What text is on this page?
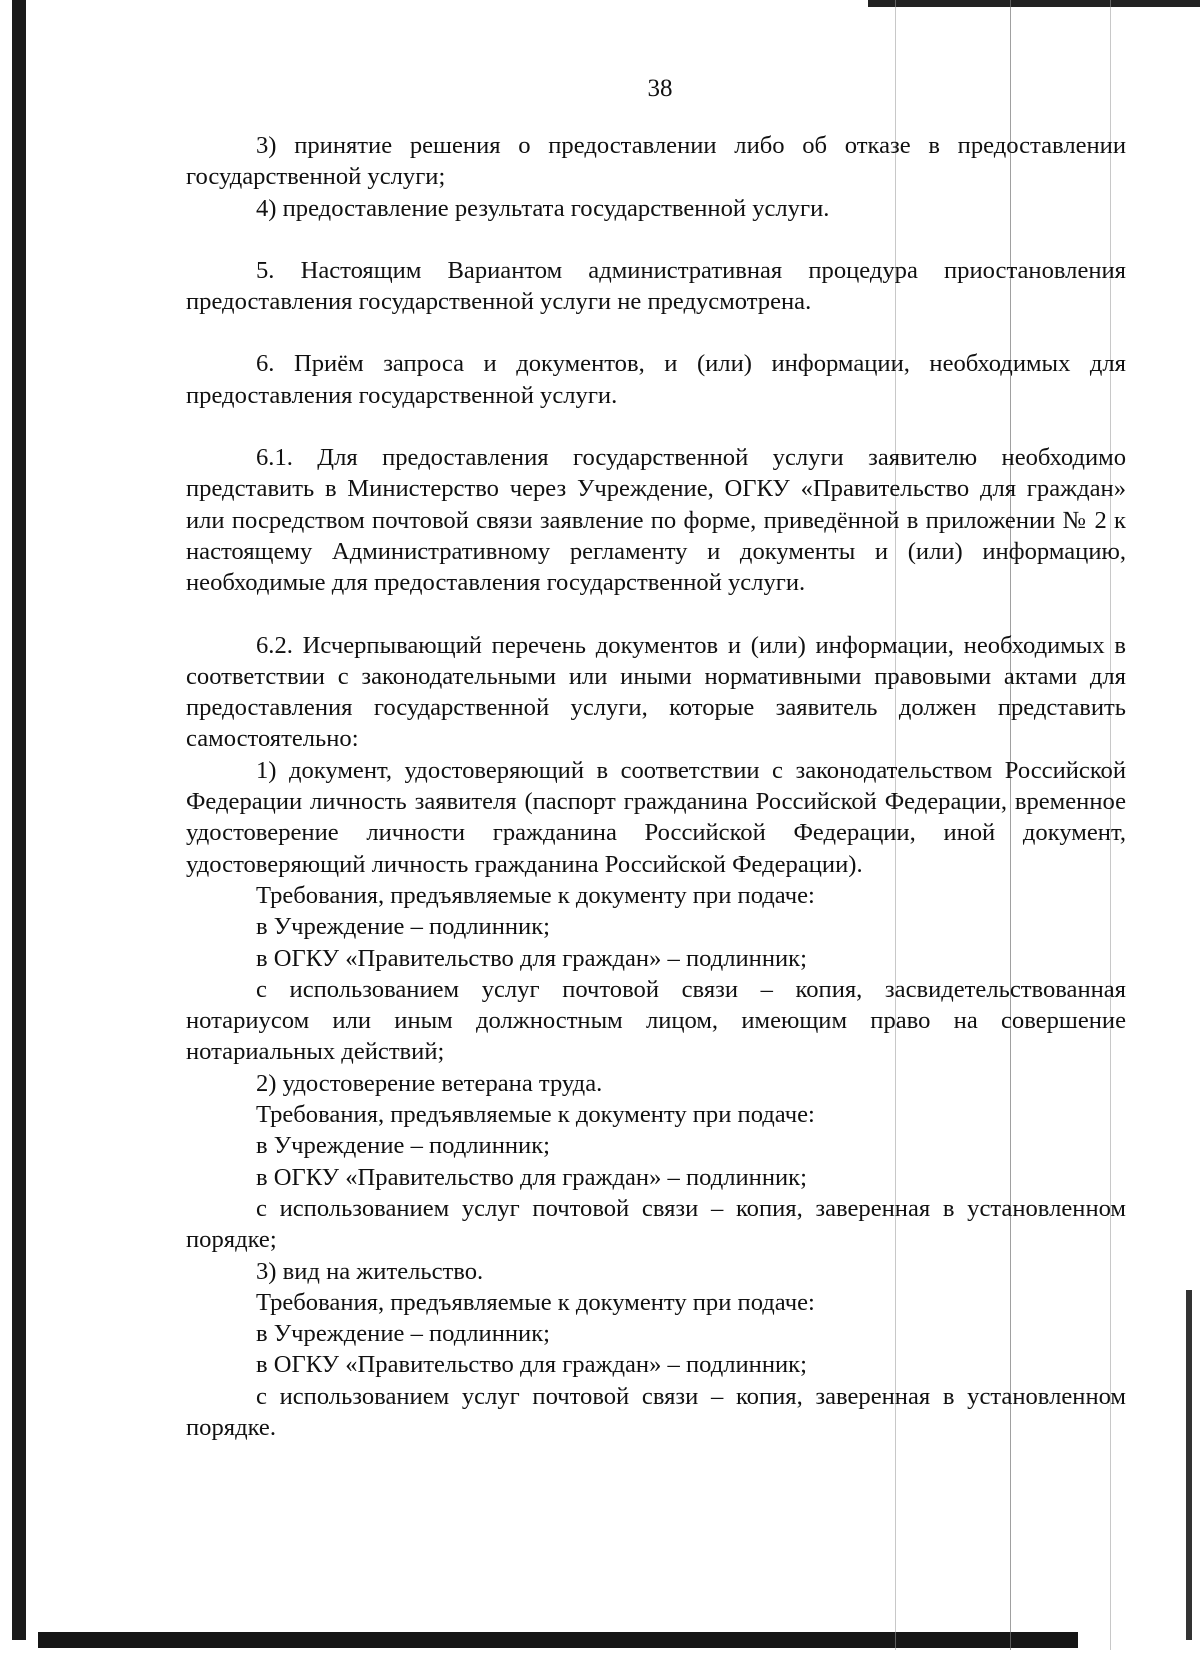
38

3) принятие решения о предоставлении либо об отказе в предоставлении государственной услуги;

4) предоставление результата государственной услуги.

5. Настоящим Вариантом административная процедура приостановления предоставления государственной услуги не предусмотрена.

6. Приём запроса и документов, и (или) информации, необходимых для предоставления государственной услуги.

6.1. Для предоставления государственной услуги заявителю необходимо представить в Министерство через Учреждение, ОГКУ «Правительство для граждан» или посредством почтовой связи заявление по форме, приведённой в приложении № 2 к настоящему Административному регламенту и документы и (или) информацию, необходимые для предоставления государственной услуги.

6.2. Исчерпывающий перечень документов и (или) информации, необходимых в соответствии с законодательными или иными нормативными правовыми актами для предоставления государственной услуги, которые заявитель должен представить самостоятельно:

1) документ, удостоверяющий в соответствии с законодательством Российской Федерации личность заявителя (паспорт гражданина Российской Федерации, временное удостоверение личности гражданина Российской Федерации, иной документ, удостоверяющий личность гражданина Российской Федерации).

Требования, предъявляемые к документу при подаче:

в Учреждение – подлинник;

в ОГКУ «Правительство для граждан» – подлинник;

с использованием услуг почтовой связи – копия, засвидетельствованная нотариусом или иным должностным лицом, имеющим право на совершение нотариальных действий;

2) удостоверение ветерана труда.

Требования, предъявляемые к документу при подаче:

в Учреждение – подлинник;

в ОГКУ «Правительство для граждан» – подлинник;

с использованием услуг почтовой связи – копия, заверенная в установленном порядке;

3) вид на жительство.

Требования, предъявляемые к документу при подаче:

в Учреждение – подлинник;

в ОГКУ «Правительство для граждан» – подлинник;

с использованием услуг почтовой связи – копия, заверенная в установленном порядке.
